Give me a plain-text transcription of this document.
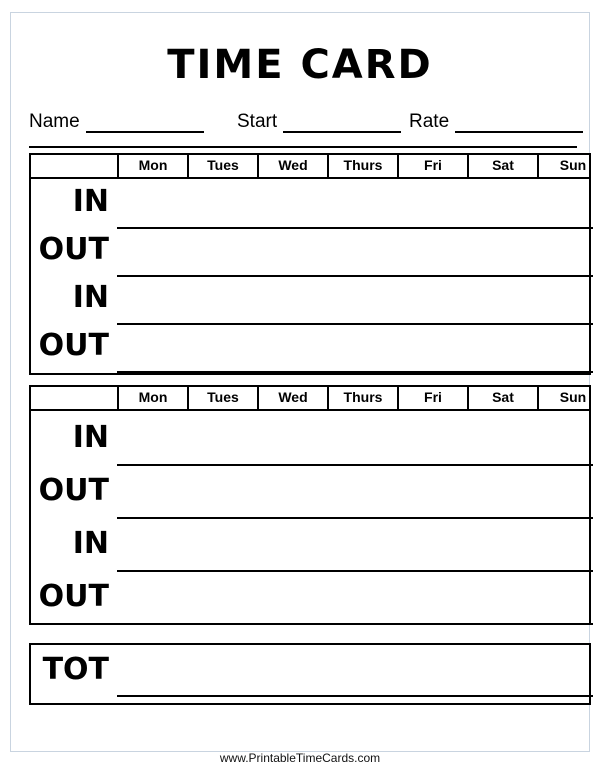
TIME CARD
Name	Start	Rate
Mon	Tues	Wed	Thurs	Fri	Sat	Sun
IN
OUT
IN
OUT
Mon	Tues	Wed	Thurs	Fri	Sat	Sun
IN
OUT
IN
OUT
TOT
www.PrintableTimeCards.com
